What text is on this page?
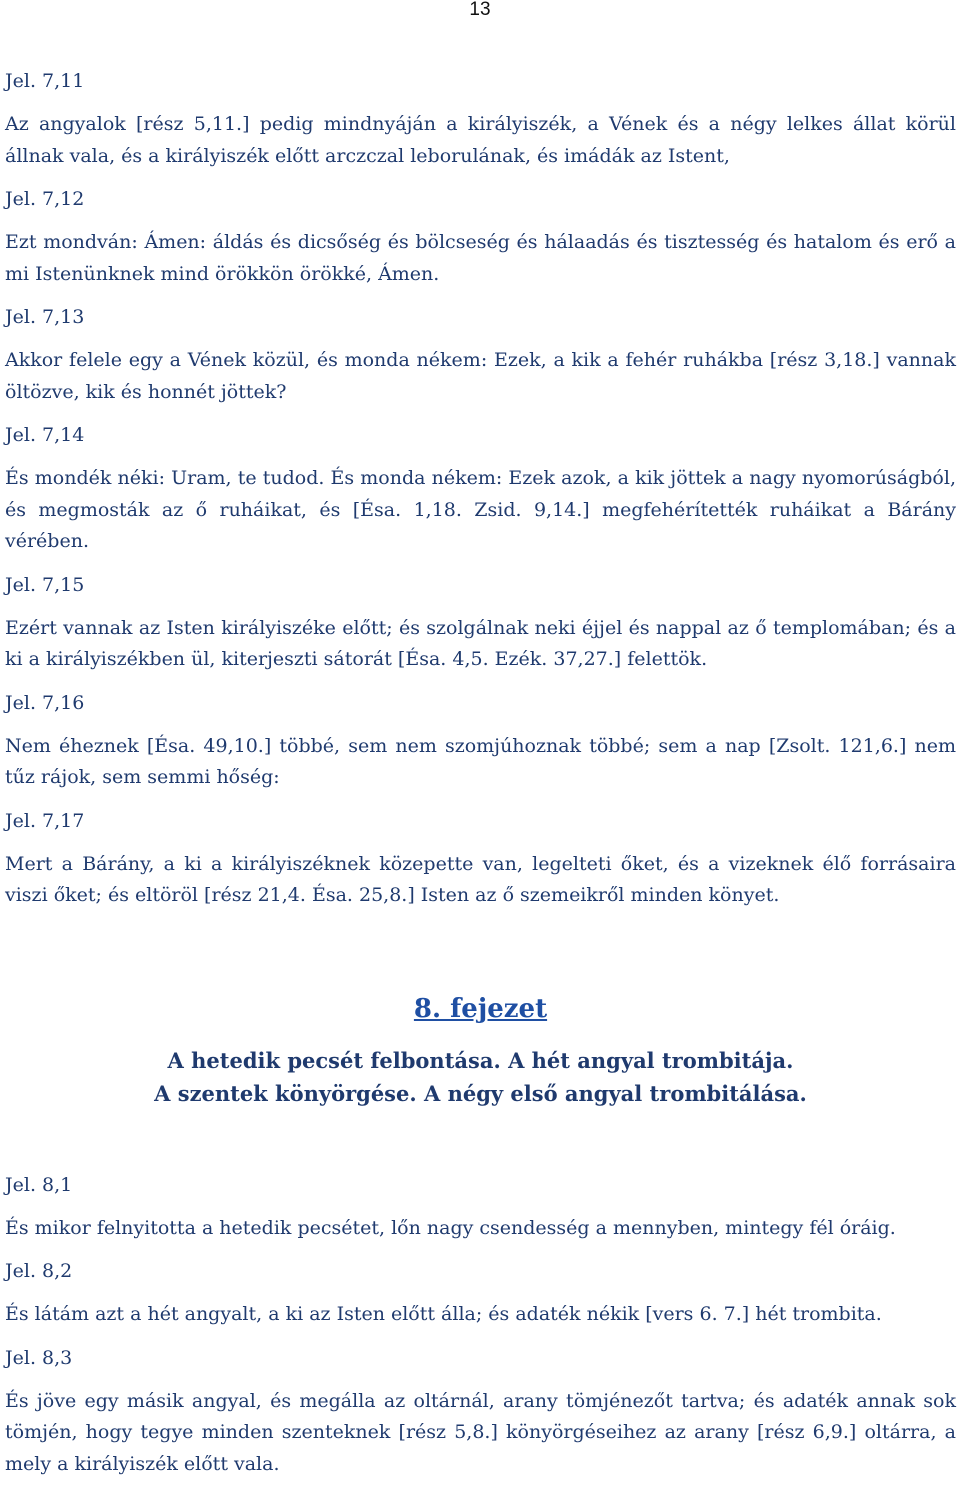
13

Jel. 7,11

Az angyalok [rész 5,11.] pedig mindnyáján a királyiszék, a Vének és a négy lelkes állat körül állnak vala, és a királyiszék előtt arczczal leborulának, és imádák az Istent,

Jel. 7,12

Ezt mondván: Ámen: áldás és dicsőség és bölcseség és hálaadás és tisztesség és hatalom és erő a mi Istenünknek mind örökkön örökké, Ámen.

Jel. 7,13

Akkor felele egy a Vének közül, és monda nékem: Ezek, a kik a fehér ruhákba [rész 3,18.] vannak öltözve, kik és honnét jöttek?

Jel. 7,14

És mondék néki: Uram, te tudod. És monda nékem: Ezek azok, a kik jöttek a nagy nyomorúságból, és megmosták az ő ruháikat, és [Ésa. 1,18. Zsid. 9,14.] megfehérítették ruháikat a Bárány vérében.

Jel. 7,15

Ezért vannak az Isten királyiszéke előtt; és szolgálnak neki éjjel és nappal az ő templomában; és a ki a királyiszékben ül, kiterjeszti sátorát [Ésa. 4,5. Ezék. 37,27.] felettök.

Jel. 7,16

Nem éheznek [Ésa. 49,10.] többé, sem nem szomjúhoznak többé; sem a nap [Zsolt. 121,6.] nem tűz rájok, sem semmi hőség:

Jel. 7,17

Mert a Bárány, a ki a királyiszéknek közepette van, legelteti őket, és a vizeknek élő forrásaira viszi őket; és eltöröl [rész 21,4. Ésa. 25,8.] Isten az ő szemeikről minden könyet.

8. fejezet

A hetedik pecsét felbontása. A hét angyal trombitája.

A szentek könyörgése. A négy első angyal trombitálása.

Jel. 8,1

És mikor felnyitotta a hetedik pecsétet, lőn nagy csendesség a mennyben, mintegy fél óráig.

Jel. 8,2

És látám azt a hét angyalt, a ki az Isten előtt álla; és adaték nékik [vers 6. 7.] hét trombita.

Jel. 8,3

És jöve egy másik angyal, és megálla az oltárnál, arany tömjénezőt tartva; és adaték annak sok tömjén, hogy tegye minden szenteknek [rész 5,8.] könyörgéseihez az arany [rész 6,9.] oltárra, a mely a királyiszék előtt vala.
